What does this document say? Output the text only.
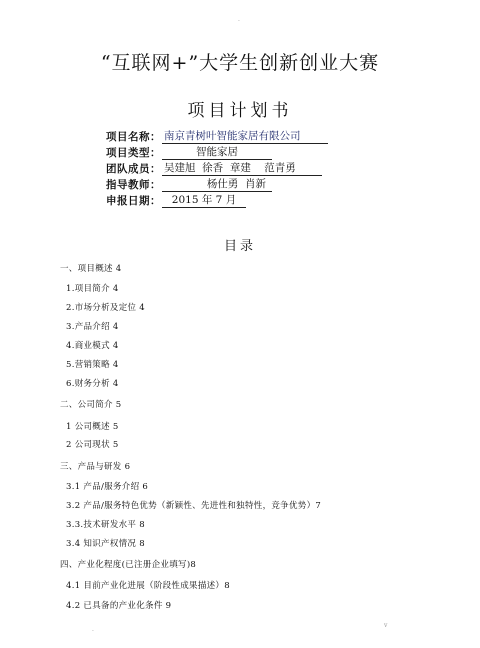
·
“互联网+”大学生创新创业大赛
项目计划书
项目名称： 南京青树叶智能家居有限公司
项目类型：	智能家居
团队成员： 吴建旭  徐香  章建    范青勇
指导教师：	杨仕勇  肖新
申报日期：	2015 年 7 月
目录
一、项目概述 4
1.项目简介 4
2.市场分析及定位 4
3.产品介绍 4
4.商业模式 4
5.营销策略 4
6.财务分析 4
二、公司简介 5
1 公司概述 5
2 公司现状 5
三、产品与研发 6
3.1 产品/服务介绍 6
3.2 产品/服务特色优势（新颖性、先进性和独特性，竞争优势）7
3.3.技术研发水平 8
3.4 知识产权情况 8
四、产业化程度(已注册企业填写)8
4.1 目前产业化进展（阶段性成果描述）8
4.2 已具备的产业化条件 9
·
v
